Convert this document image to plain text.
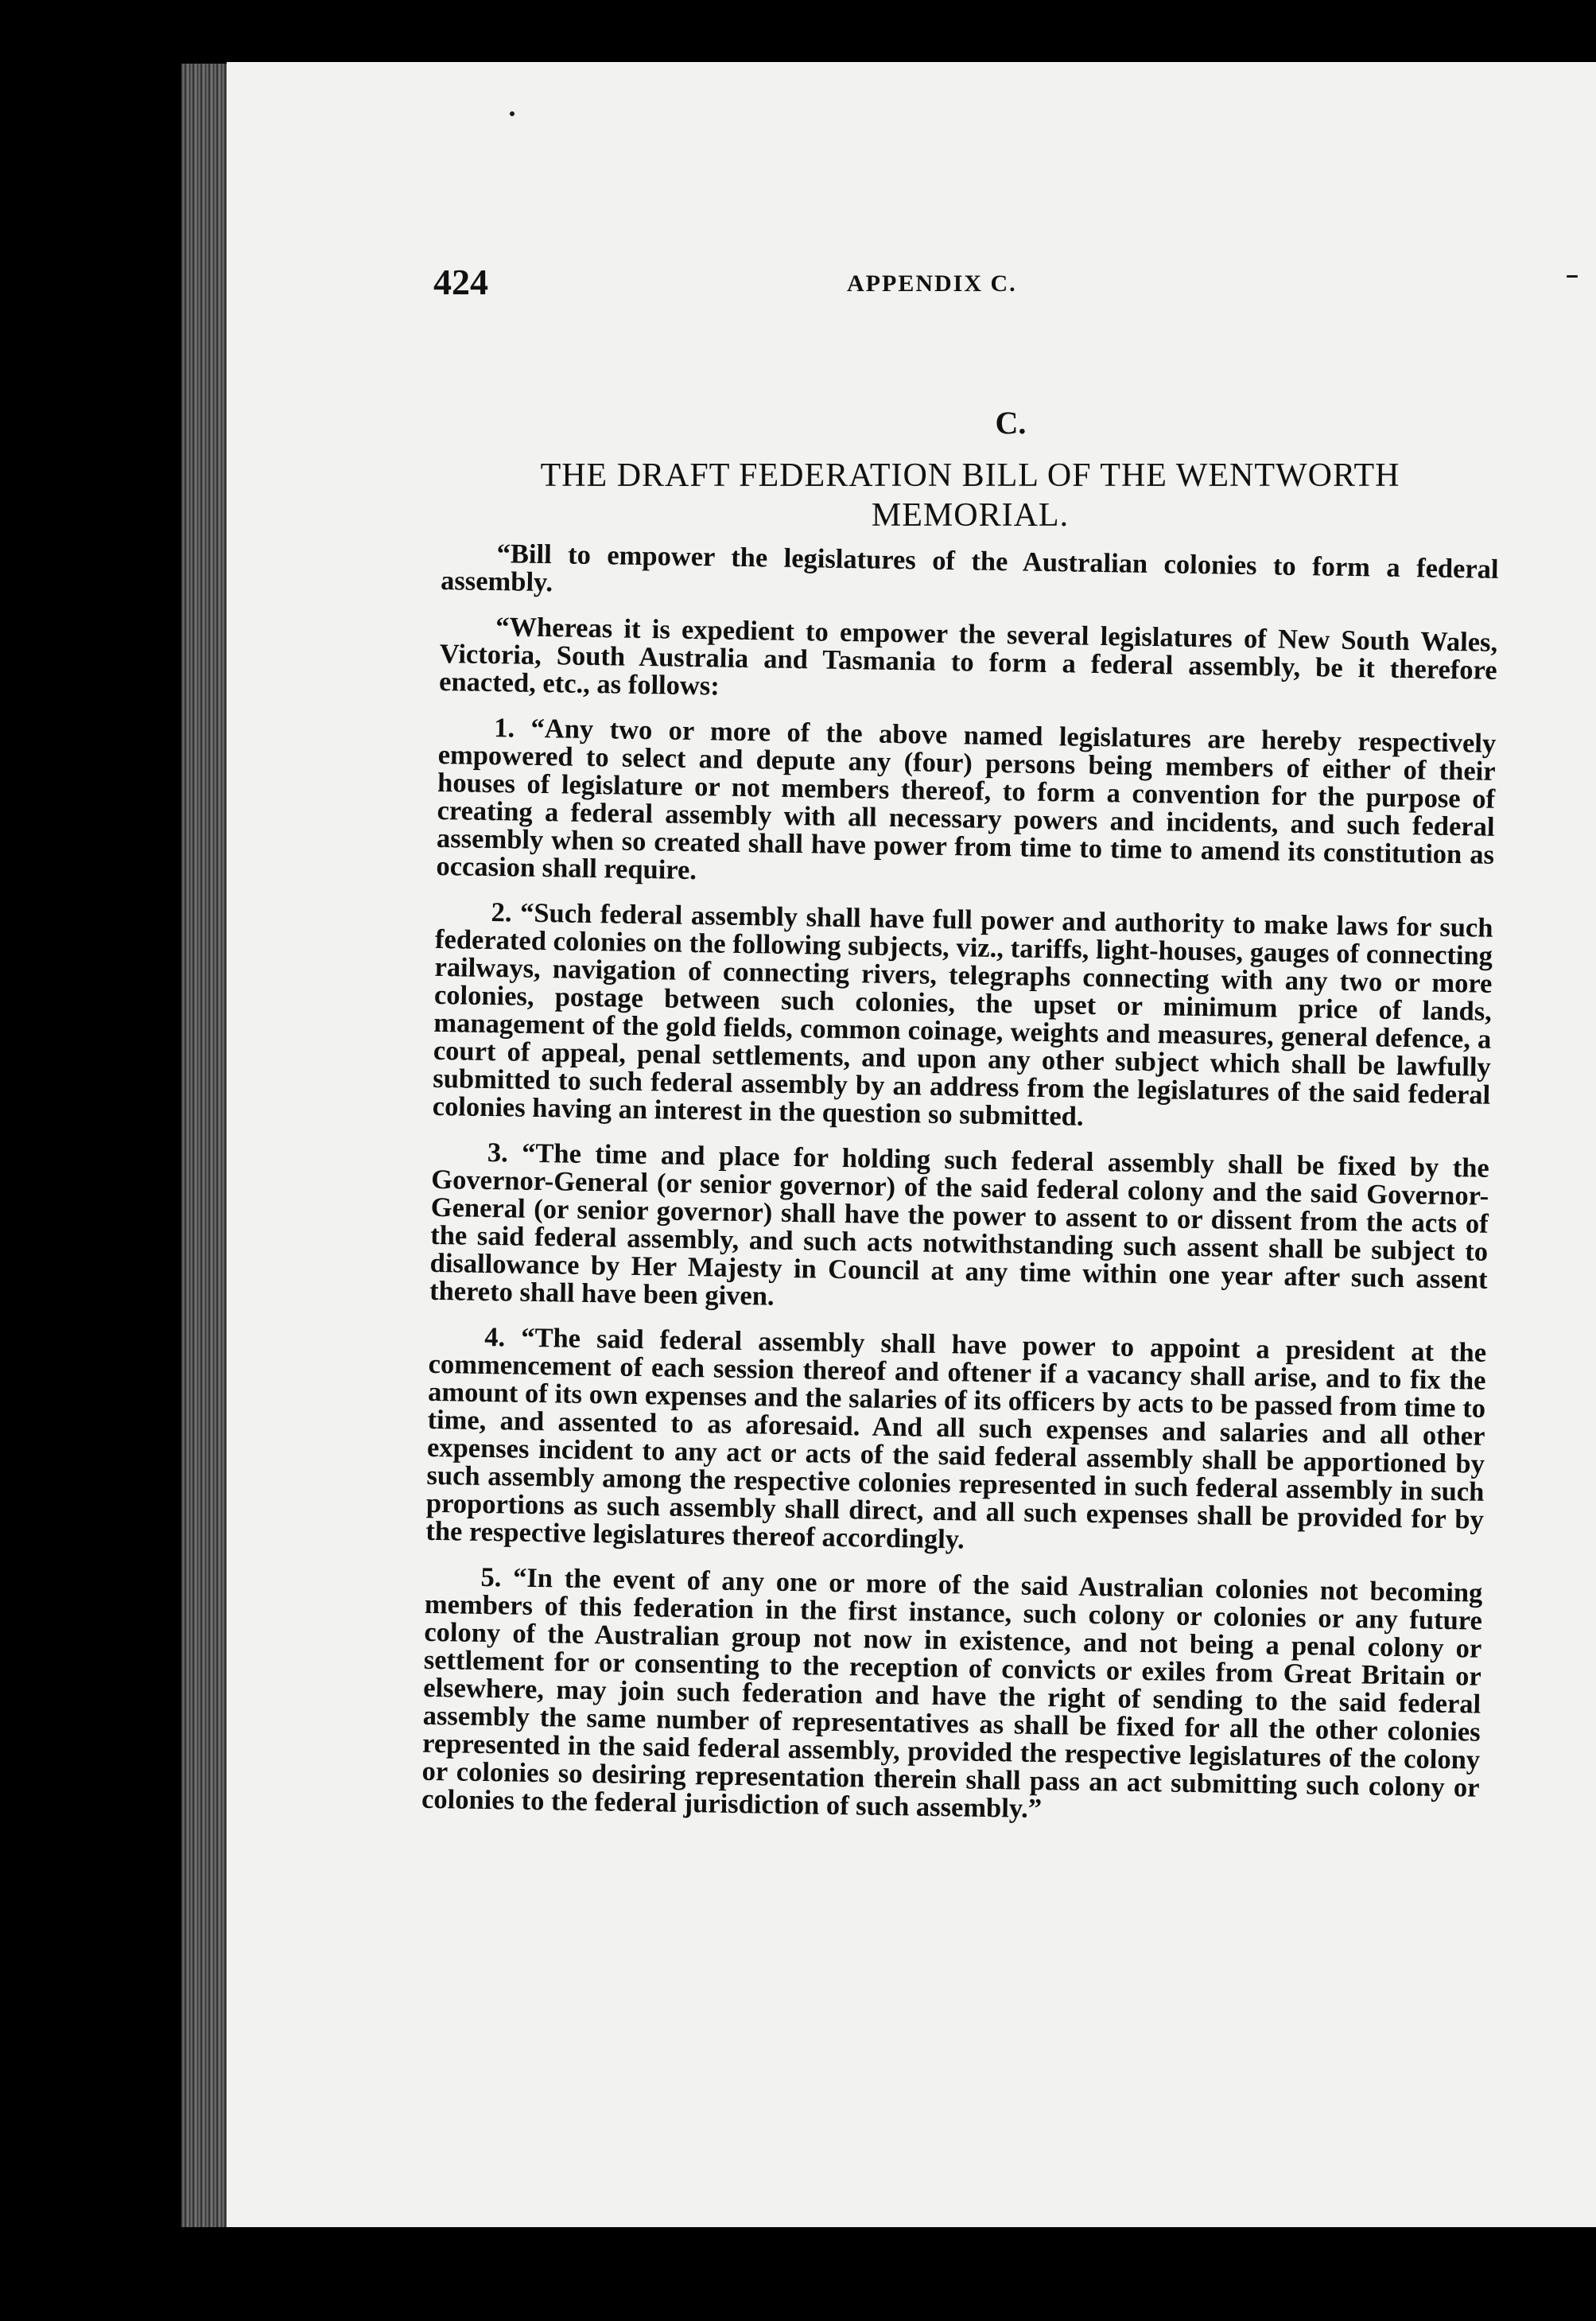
424	APPENDIX C.
C.
THE DRAFT FEDERATION BILL OF THE WENTWORTH MEMORIAL.

“Bill to empower the legislatures of the Australian colonies to form a federal assembly.

“Whereas it is expedient to empower the several legislatures of New South Wales, Victoria, South Australia and Tasmania to form a federal assembly, be it therefore enacted, etc., as follows:

1. “Any two or more of the above named legislatures are hereby respectively empowered to select and depute any (four) persons being members of either of their houses of legislature or not members thereof, to form a convention for the purpose of creating a federal assembly with all necessary powers and incidents, and such federal assembly when so created shall have power from time to time to amend its constitution as occasion shall require.

2. “Such federal assembly shall have full power and authority to make laws for such federated colonies on the following subjects, viz., tariffs, light-houses, gauges of connecting railways, navigation of connecting rivers, telegraphs connecting with any two or more colonies, postage between such colonies, the upset or minimum price of lands, management of the gold fields, common coinage, weights and measures, general defence, a court of appeal, penal settlements, and upon any other subject which shall be lawfully submitted to such federal assembly by an address from the legislatures of the said federal colonies having an interest in the question so submitted.

3. “The time and place for holding such federal assembly shall be fixed by the Governor-General (or senior governor) of the said federal colony and the said Governor-General (or senior governor) shall have the power to assent to or dissent from the acts of the said federal assembly, and such acts notwithstanding such assent shall be subject to disallowance by Her Majesty in Council at any time within one year after such assent thereto shall have been given.

4. “The said federal assembly shall have power to appoint a president at the commencement of each session thereof and oftener if a vacancy shall arise, and to fix the amount of its own expenses and the salaries of its officers by acts to be passed from time to time, and assented to as aforesaid. And all such expenses and salaries and all other expenses incident to any act or acts of the said federal assembly shall be apportioned by such assembly among the respective colonies represented in such federal assembly in such proportions as such assembly shall direct, and all such expenses shall be provided for by the respective legislatures thereof accordingly.

5. “In the event of any one or more of the said Australian colonies not becoming members of this federation in the first instance, such colony or colonies or any future colony of the Australian group not now in existence, and not being a penal colony or settlement for or consenting to the reception of convicts or exiles from Great Britain or elsewhere, may join such federation and have the right of sending to the said federal assembly the same number of representatives as shall be fixed for all the other colonies represented in the said federal assembly, provided the respective legislatures of the colony or colonies so desiring representation therein shall pass an act submitting such colony or colonies to the federal jurisdiction of such assembly.”
